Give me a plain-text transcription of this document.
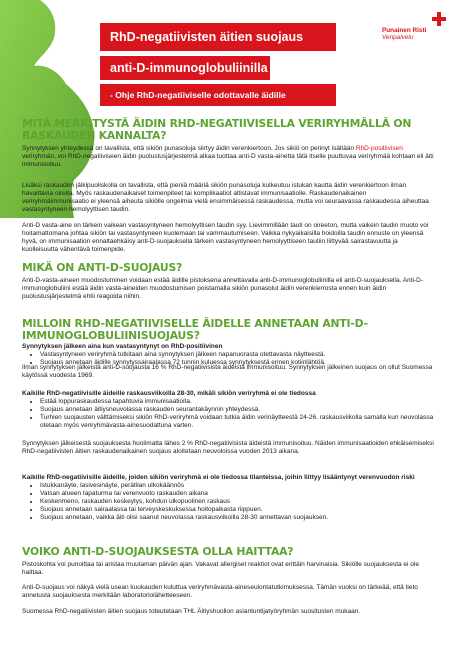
RhD-negatiivisten äitien suojaus
anti-D-immunoglobuliinilla
- Ohje RhD-negatiiviselle odottavalle äidille
Punainen Risti
Veripalvelu
MITÄ MERKITYSTÄ ÄIDIN RHD-NEGATIIVISELLA VERIRYHMÄLLÄ ON RASKAUDEN KANNALTA?

Synnytyksen yhteydessä on tavallista, että sikiön punasoluja siirtyy äidin verenkiertoon. Jos sikiö on perinyt isältään RhD-positiivisen veriryhmän, voi RhD-negatiiviseen äidin puolustusjärjestelmä alkaa tuottaa anti-D vasta-ainetta tätä itselle puuttuvaa veriryhmää kohtaan eli äiti immunisoituu.

Lisäksi raskauden jälkipuoliskolla on tavallista, että pieniä määriä sikiön punasoluja kulkeutuu istukan kautta äidin verenkiertoon ilman havaittavia oireita. Myös raskaudenaikaiset toimenpiteet tai komplikaatiot altistavat immunisaatiolle. Raskaudenaikainen veriryhmäimmunisaatio ei yleensä aiheuta sikiölle ongelmia vielä ensimmäisessä raskaudessa, mutta voi seuraavassa raskaudessa aiheuttaa vastasyntyneen hemolyyttisen taudin.

Anti-D vasta-aine on tärkein vaikean vastasyntyneen hemolyyttisen taudin syy. Lievimmillään tauti on oireeton, mutta vaikein taudin muoto voi hoitamattomana johtaa sikiön tai vastasyntyneen kuolemaan tai vammautumiseen. Vaikka nykyaikaisilla hoidoilla taudin ennuste on yleensä hyvä, on immunisaation ennaltaehkäisy anti-D-suojauksella tärkein vastasyntyneen hemolyyttiseen tautiin liittyvää sairastavuutta ja kuolleisuutta vähentävä toimenpide.

MIKÄ ON ANTI-D-SUOJAUS?

Anti-D-vasta-aineen muodostuminen voidaan estää äidille pistoksena annettavalla anti-D-immunoglobuliinilla eli anti-D-suojauksella. Anti-D-immunoglobuliini estää äidin vasta-aineiden muodostumisen poistamalla sikiön punasolut äidin verenkierrosta ennen kuin äidin puolustusjärjestelmä ehtii reagoida niihin.

MILLOIN RHD-NEGATIIVISELLE ÄIDELLE ANNETAAN ANTI-D-IMMUNOGLOBULIINISUOJAUS?

Synnytyksen jälkeen aina kun vastasyntynyt on RhD-positiivinen

• Vastasyntyneen veriryhmä tutkitaan aina synnytyksen jälkeen napanuorasta otettavasta näytteestä.
• Suojaus annetaan äidille synnytyssairaalassa 72 tunnin kuluessa synnytyksestä ennen kotiinlähtöä.

Ilman synnytyksen jälkeistä anti-D-suojausta 16 % RhD-negatiivisista äideistä immunisoituu. Synnytyksen jälkeinen suojaus on ollut Suomessa käytössä vuodesta 1969.

Kaikille RhD-negatiivisille äideille raskausviikoilla 28-30, mikäli sikiön veriryhmä ei ole tiedossa

• Estää loppuraskaudessa tapahtuvia immunisaatioita.
• Suojaus annetaan äitiysneuvolassa raskauden seurantakäynnin yhteydessä.
• Turhien suojausten välttämiseksi sikiön RhD-veriryhmä voidaan tutkia äidin verinäytteestä 24-26. raskausviikolla samalla kun neuvolassa otetaan myös veriryhmävasta-ainesuodattuna varten.

Synnytyksen jälkeisestä suojauksesta huolimatta lähes 2 % RhD-negatiivisista äideistä immunisoituu. Näiden immunisaatioiden ehkäisemiseksi RhD-negatiivisten äitien raskaudenaikainen suojaus aloitetaan neuvoloissa vuoden 2013 aikana.

Kaikille RhD-negatiivisille äideille, joiden sikiön veriryhmä ei ole tiedossa tilanteissa, joihin liittyy lisääntynyt verenvuodon riski

• Istukkanäyte, lasivesinäyte, perätilan ulkokäännös
• Vatsan alueen tapaturma tai verenvuoto raskauden aikana
• Keskenmeno, raskauden keskeytys, kohdun ulkopuolinen raskaus
• Suojaus annetaan sairaalassa tai terveyskeskuksessa hoitopaikasta riippuen.
• Suojaus annetaan, vaikka äiti olisi saanut neuvolassa raskausviikoilla 28-30 annettavan suojauksen.
VOIKO ANTI-D-SUOJAUKSESTA OLLA HAITTAA?

Pistoskohta voi punoittaa tai aristaa muutaman päivän ajan. Vakavat allergiset reaktiot ovat erittäin harvinaisia. Sikiölle suojauksesta ei ole haittaa.

Anti-D-suojaus voi näkyä vielä usean kuukauden kuluttua veriryhmävasta-aineseulontatutkimuksessa. Tämän vuoksi on tärkeää, että tieto annetusta suojauksesta merkitään laboratoriolähetteeseen.

Suomessa RhD-negatiivisten äitien suojaus toteutetaan THL Äitiyshuollon asiantuntijatyöryhmän suositusten mukaan.
